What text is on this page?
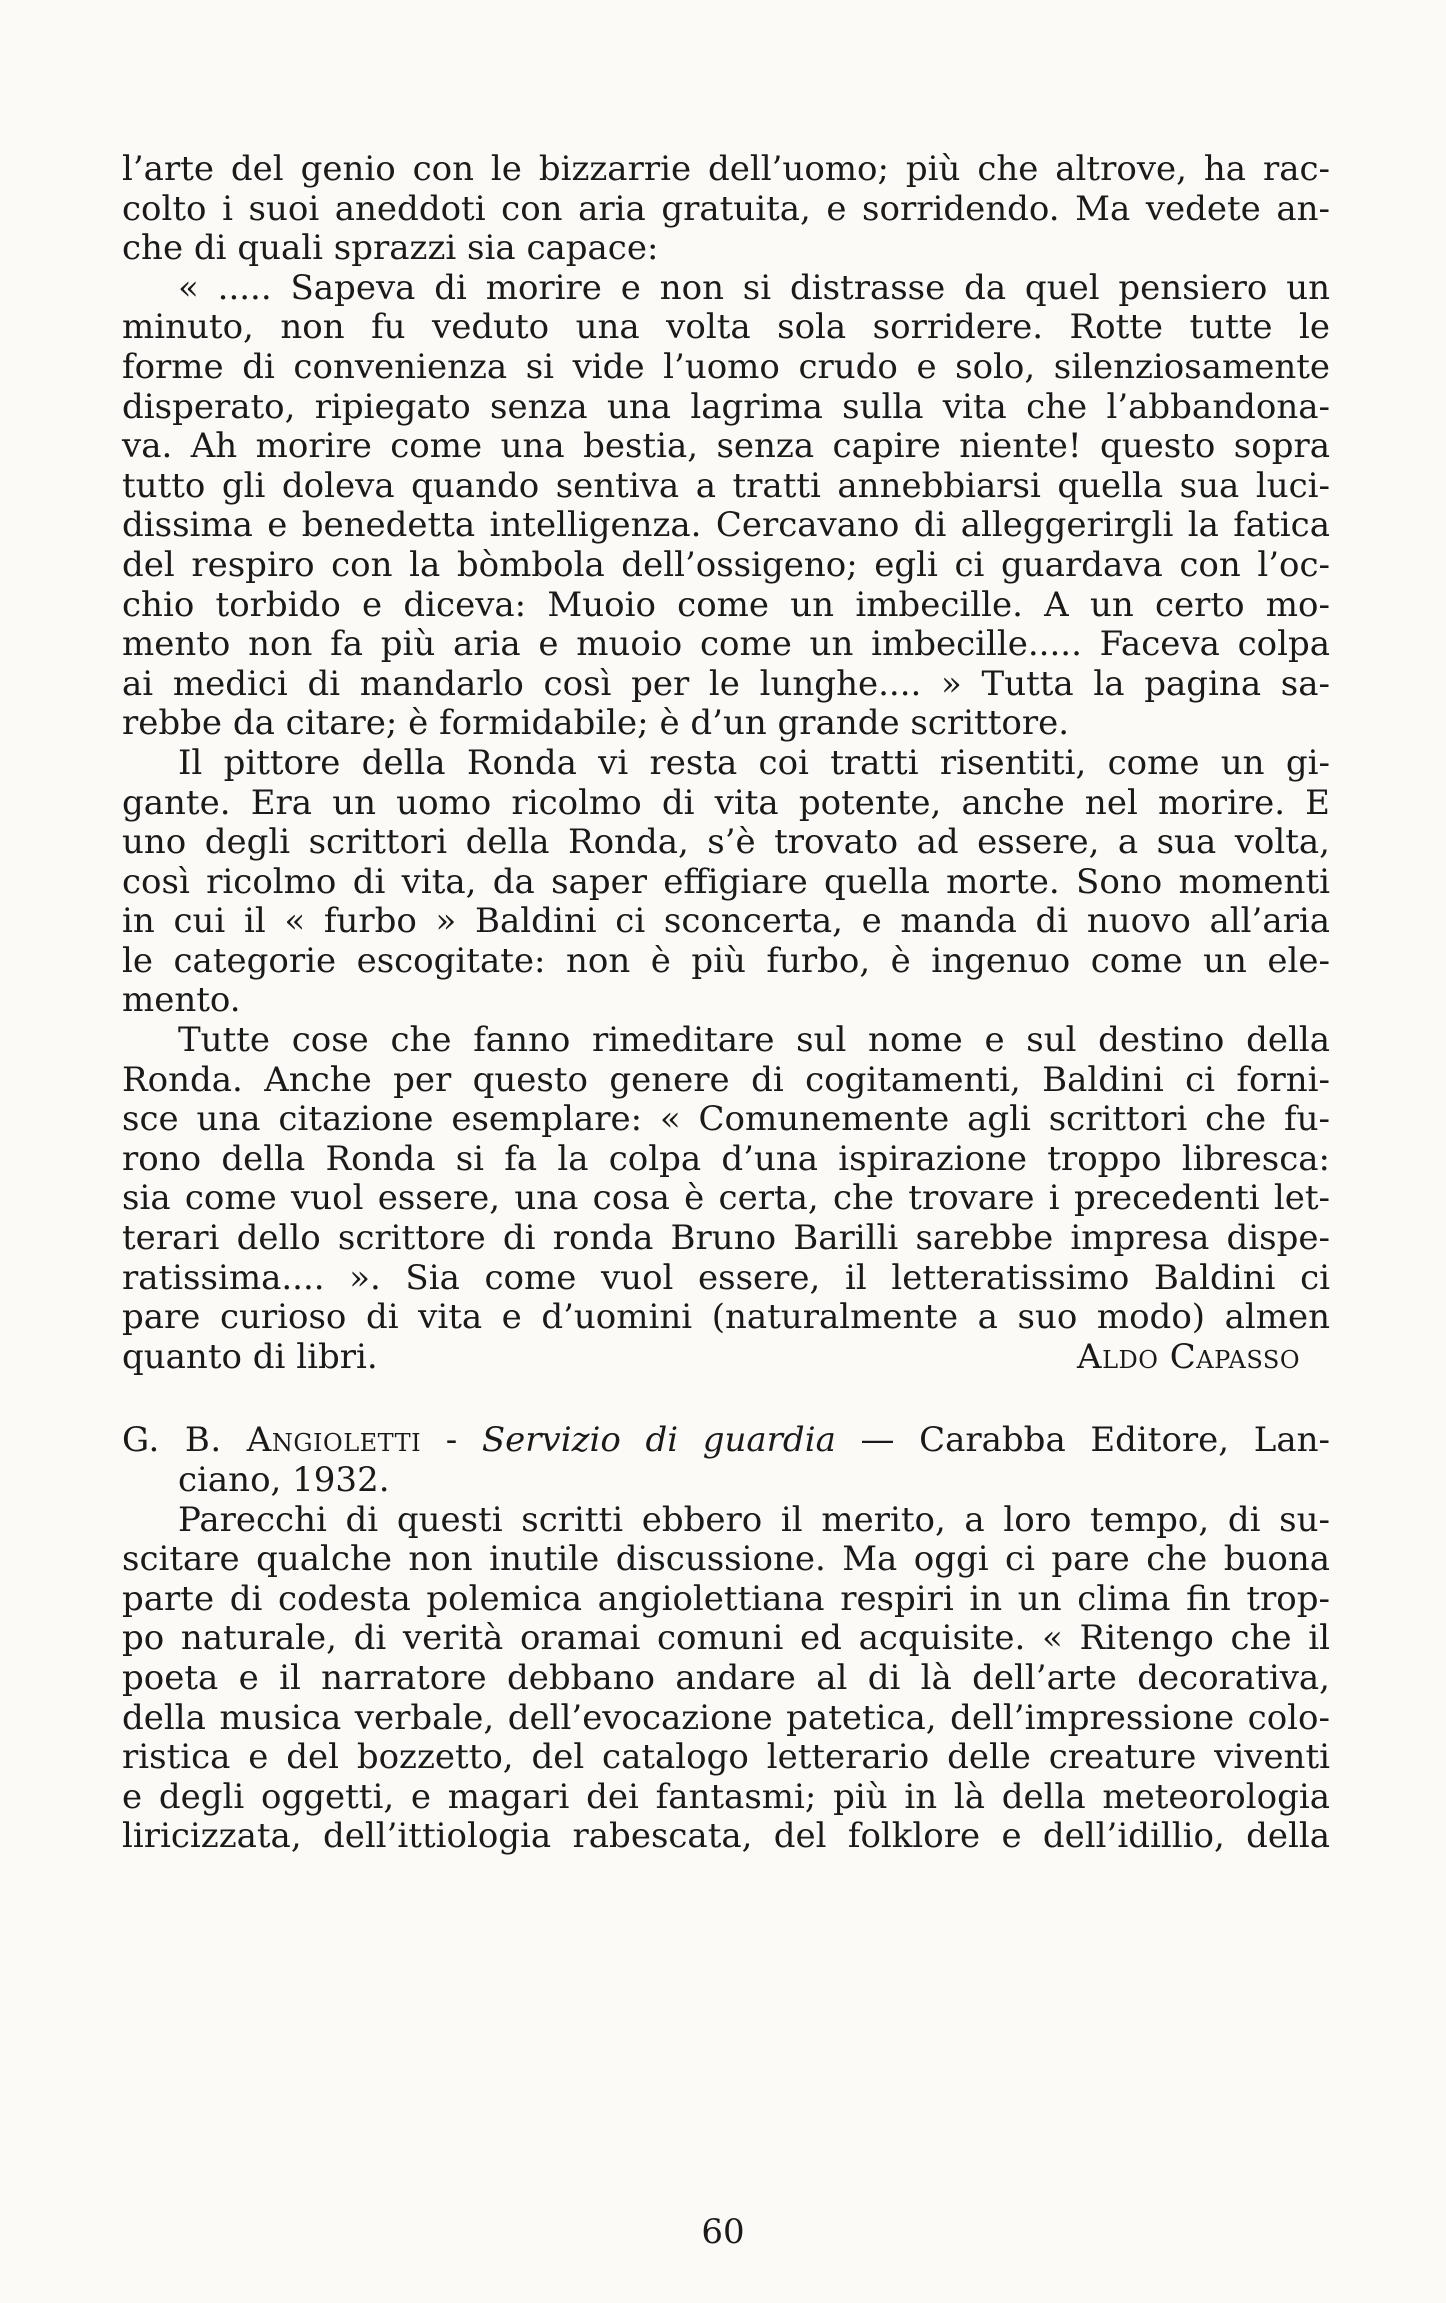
l’arte del genio con le bizzarrie dell’uomo; più che altrove, ha rac-
colto i suoi aneddoti con aria gratuita, e sorridendo. Ma vedete an-
che di quali sprazzi sia capace:
« ..... Sapeva di morire e non si distrasse da quel pensiero un
minuto, non fu veduto una volta sola sorridere. Rotte tutte le
forme di convenienza si vide l’uomo crudo e solo, silenziosamente
disperato, ripiegato senza una lagrima sulla vita che l’abbandona-
va. Ah morire come una bestia, senza capire niente! questo sopra
tutto gli doleva quando sentiva a tratti annebbiarsi quella sua luci-
dissima e benedetta intelligenza. Cercavano di alleggerirgli la fatica
del respiro con la bòmbola dell’ossigeno; egli ci guardava con l’oc-
chio torbido e diceva: Muoio come un imbecille. A un certo mo-
mento non fa più aria e muoio come un imbecille..... Faceva colpa
ai medici di mandarlo così per le lunghe.... » Tutta la pagina sa-
rebbe da citare; è formidabile; è d’un grande scrittore.
Il pittore della Ronda vi resta coi tratti risentiti, come un gi-
gante. Era un uomo ricolmo di vita potente, anche nel morire. E
uno degli scrittori della Ronda, s’è trovato ad essere, a sua volta,
così ricolmo di vita, da saper effigiare quella morte. Sono momenti
in cui il « furbo » Baldini ci sconcerta, e manda di nuovo all’aria
le categorie escogitate: non è più furbo, è ingenuo come un ele-
mento.
Tutte cose che fanno rimeditare sul nome e sul destino della
Ronda. Anche per questo genere di cogitamenti, Baldini ci forni-
sce una citazione esemplare: « Comunemente agli scrittori che fu-
rono della Ronda si fa la colpa d’una ispirazione troppo libresca:
sia come vuol essere, una cosa è certa, che trovare i precedenti let-
terari dello scrittore di ronda Bruno Barilli sarebbe impresa dispe-
ratissima.... ». Sia come vuol essere, il letteratissimo Baldini ci
pare curioso di vita e d’uomini (naturalmente a suo modo) almen
quanto di libri.	Aldo Capasso
G. B. Angioletti - Servizio di guardia — Carabba Editore, Lan-
ciano, 1932.
Parecchi di questi scritti ebbero il merito, a loro tempo, di su-
scitare qualche non inutile discussione. Ma oggi ci pare che buona
parte di codesta polemica angiolettiana respiri in un clima fin trop-
po naturale, di verità oramai comuni ed acquisite. « Ritengo che il
poeta e il narratore debbano andare al di là dell’arte decorativa,
della musica verbale, dell’evocazione patetica, dell’impressione colo-
ristica e del bozzetto, del catalogo letterario delle creature viventi
e degli oggetti, e magari dei fantasmi; più in là della meteorologia
liricizzata, dell’ittiologia rabescata, del folklore e dell’idillio, della
60
